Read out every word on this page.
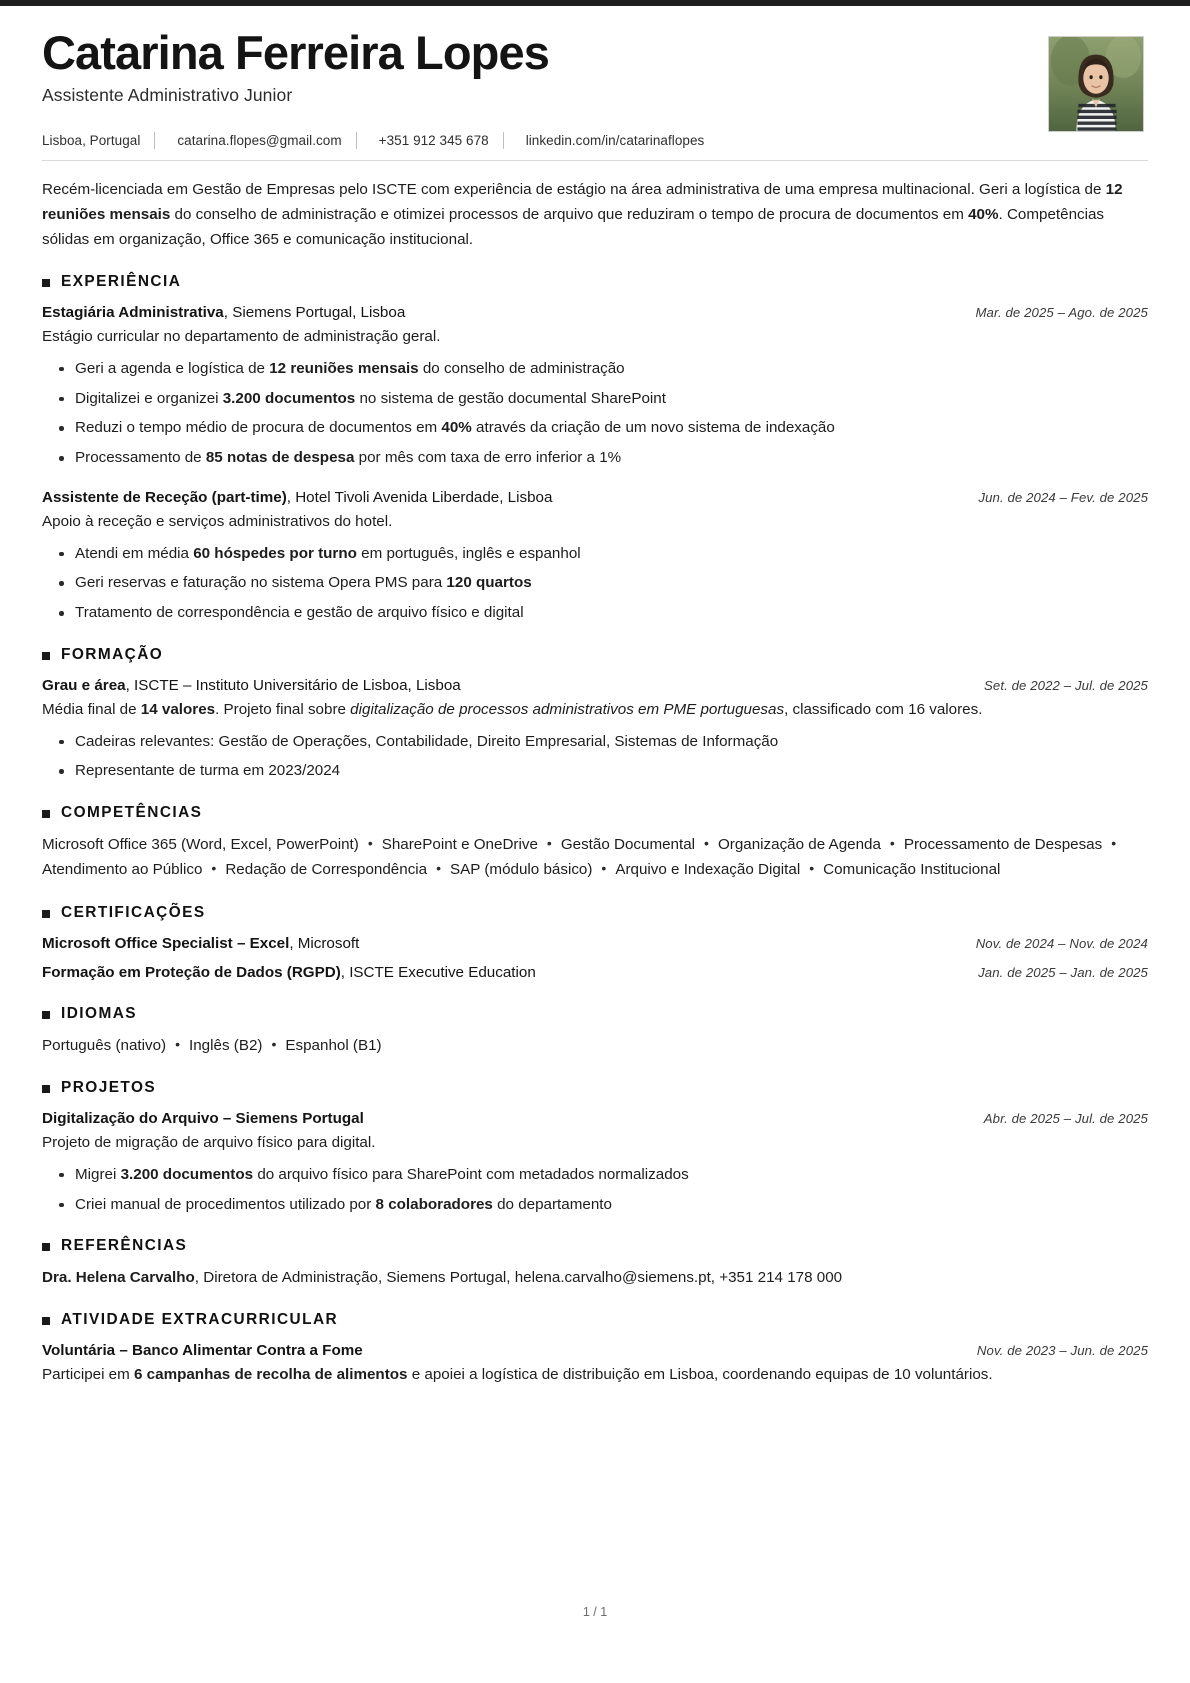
Catarina Ferreira Lopes
Assistente Administrativo Junior
Lisboa, Portugal	catarina.flopes@gmail.com	+351 912 345 678	linkedin.com/in/catarinaflopes

Recém-licenciada em Gestão de Empresas pelo ISCTE com experiência de estágio na área administrativa de uma empresa multinacional. Geri a logística de 12 reuniões mensais do conselho de administração e otimizei processos de arquivo que reduziram o tempo de procura de documentos em 40%. Competências sólidas em organização, Office 365 e comunicação institucional.

EXPERIÊNCIA
Estagiária Administrativa, Siemens Portugal, Lisboa	Mar. de 2025 – Ago. de 2025
Estágio curricular no departamento de administração geral.
Geri a agenda e logística de 12 reuniões mensais do conselho de administração
Digitalizei e organizei 3.200 documentos no sistema de gestão documental SharePoint
Reduzi o tempo médio de procura de documentos em 40% através da criação de um novo sistema de indexação
Processamento de 85 notas de despesa por mês com taxa de erro inferior a 1%
Assistente de Receção (part-time), Hotel Tivoli Avenida Liberdade, Lisboa	Jun. de 2024 – Fev. de 2025
Apoio à receção e serviços administrativos do hotel.
Atendi em média 60 hóspedes por turno em português, inglês e espanhol
Geri reservas e faturação no sistema Opera PMS para 120 quartos
Tratamento de correspondência e gestão de arquivo físico e digital
FORMAÇÃO
Grau e área, ISCTE – Instituto Universitário de Lisboa, Lisboa	Set. de 2022 – Jul. de 2025
Média final de 14 valores. Projeto final sobre digitalização de processos administrativos em PME portuguesas, classificado com 16 valores.
Cadeiras relevantes: Gestão de Operações, Contabilidade, Direito Empresarial, Sistemas de Informação
Representante de turma em 2023/2024
COMPETÊNCIAS
Microsoft Office 365 (Word, Excel, PowerPoint) • SharePoint e OneDrive • Gestão Documental • Organização de Agenda • Processamento de Despesas •Atendimento ao Público • Redação de Correspondência • SAP (módulo básico) • Arquivo e Indexação Digital • Comunicação Institucional
CERTIFICAÇÕES
Microsoft Office Specialist – Excel, Microsoft	Nov. de 2024 – Nov. de 2024
Formação em Proteção de Dados (RGPD), ISCTE Executive Education	Jan. de 2025 – Jan. de 2025
IDIOMAS
Português (nativo) • Inglês (B2) • Espanhol (B1)
PROJETOS
Digitalização do Arquivo – Siemens Portugal	Abr. de 2025 – Jul. de 2025
Projeto de migração de arquivo físico para digital.
Migrei 3.200 documentos do arquivo físico para SharePoint com metadados normalizados
Criei manual de procedimentos utilizado por 8 colaboradores do departamento
REFERÊNCIAS
Dra. Helena Carvalho, Diretora de Administração, Siemens Portugal, helena.carvalho@siemens.pt, +351 214 178 000
ATIVIDADE EXTRACURRICULAR
Voluntária – Banco Alimentar Contra a Fome	Nov. de 2023 – Jun. de 2025
Participei em 6 campanhas de recolha de alimentos e apoiei a logística de distribuição em Lisboa, coordenando equipas de 10 voluntários.
1 / 1
